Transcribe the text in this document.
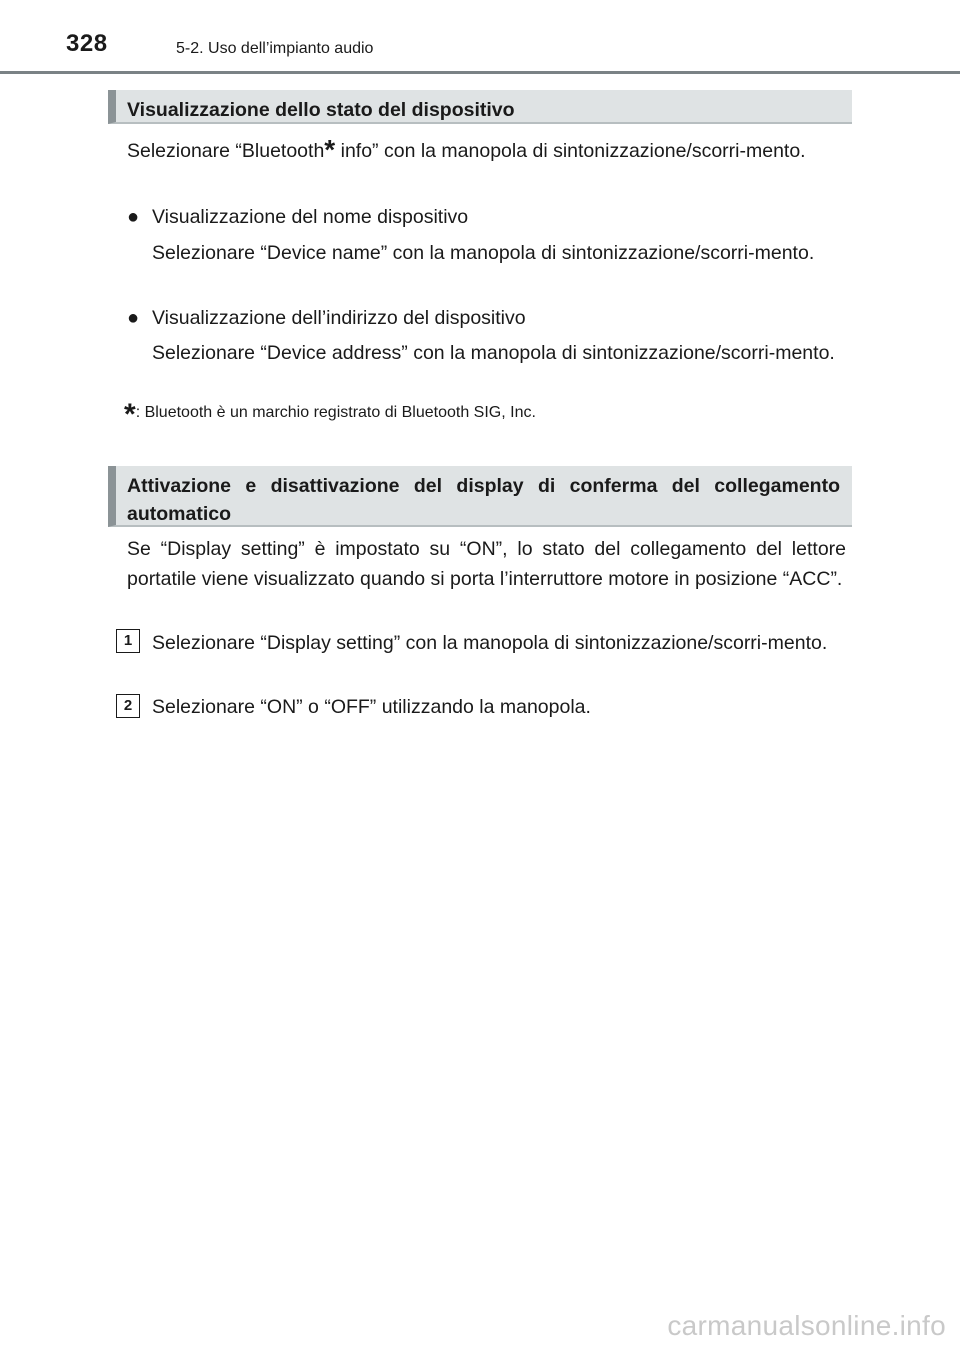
328	5-2. Uso dell’impianto audio
Visualizzazione dello stato del dispositivo
Selezionare “Bluetooth* info” con la manopola di sintonizzazione/scorri-mento.
● Visualizzazione del nome dispositivo
Selezionare “Device name” con la manopola di sintonizzazione/scorri-mento.
● Visualizzazione dell’indirizzo del dispositivo
Selezionare “Device address” con la manopola di sintonizzazione/scorri-mento.
*: Bluetooth è un marchio registrato di Bluetooth SIG, Inc.
Attivazione e disattivazione del display di conferma del collegamento automatico
Se “Display setting” è impostato su “ON”, lo stato del collegamento del lettore portatile viene visualizzato quando si porta l’interruttore motore in posizione “ACC”.
1	Selezionare “Display setting” con la manopola di sintonizzazione/scorri-mento.
2	Selezionare “ON” o “OFF” utilizzando la manopola.
carmanualsonline.info
